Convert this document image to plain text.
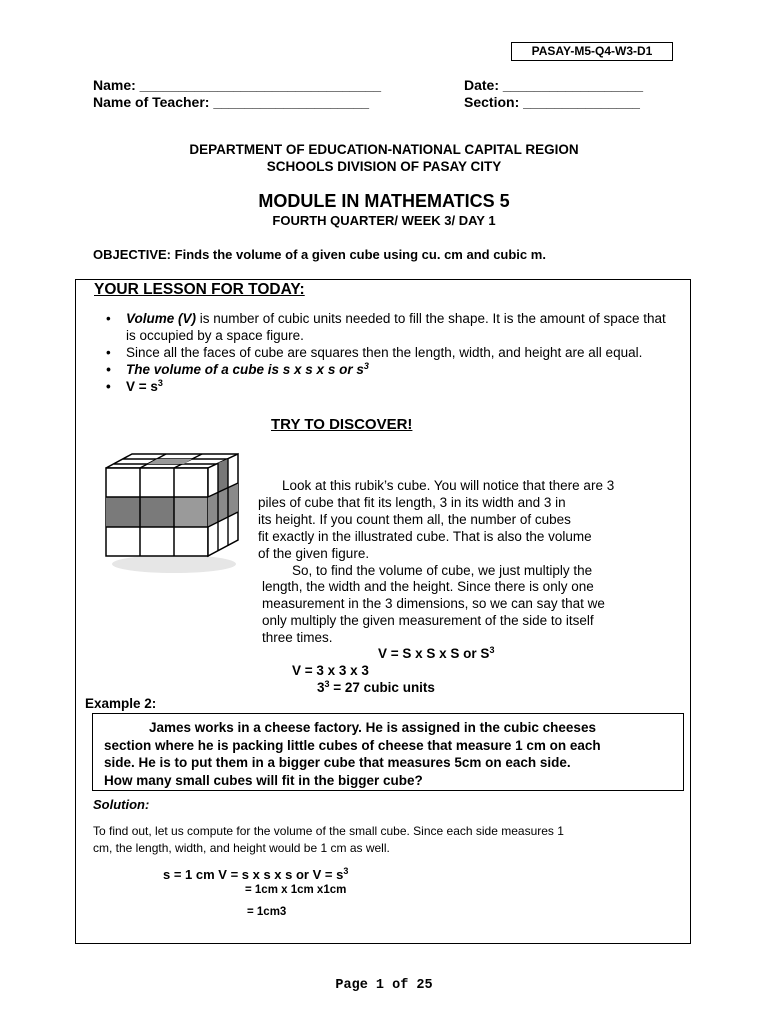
PASAY-M5-Q4-W3-D1
Name: _______________________________
Name of Teacher: ____________________
Date: __________________
Section: _______________
DEPARTMENT OF EDUCATION-NATIONAL CAPITAL REGION
SCHOOLS DIVISION OF PASAY CITY
MODULE IN MATHEMATICS 5
FOURTH QUARTER/ WEEK 3/ DAY 1
OBJECTIVE: Finds the volume of a given cube using cu. cm and cubic m.
YOUR LESSON FOR TODAY:
• Volume (V) is number of cubic units needed to fill the shape. It is the amount of space that is occupied by a space figure.
• Since all the faces of cube are squares then the length, width, and height are all equal.
• The volume of a cube is s x s x s or $s^3$
• $V = s^3$
TRY TO DISCOVER!
Look at this rubik’s cube. You will notice that there are 3
piles of cube that fit its length, 3 in its width and 3 in
its height. If you count them all, the number of cubes
fit exactly in the illustrated cube. That is also the volume
of the given figure.
So, to find the volume of cube, we just multiply the
length, the width and the height. Since there is only one
measurement in the 3 dimensions, so we can say that we
only multiply the given measurement of the side to itself
three times.
V = S x S x S or $S^3$
V = 3 x 3 x 3
$3^3 = 27$ cubic units
Example 2:
James works in a cheese factory. He is assigned in the cubic cheeses
section where he is packing little cubes of cheese that measure 1 cm on each
side. He is to put them in a bigger cube that measures 5cm on each side.
How many small cubes will fit in the bigger cube?
Solution:
To find out, let us compute for the volume of the small cube. Since each side measures 1
cm, the length, width, and height would be 1 cm as well.
s = 1 cm V = s x s x s or $V = s^3$
= 1cm x 1cm x1cm
= 1cm3
Page 1 of 25
